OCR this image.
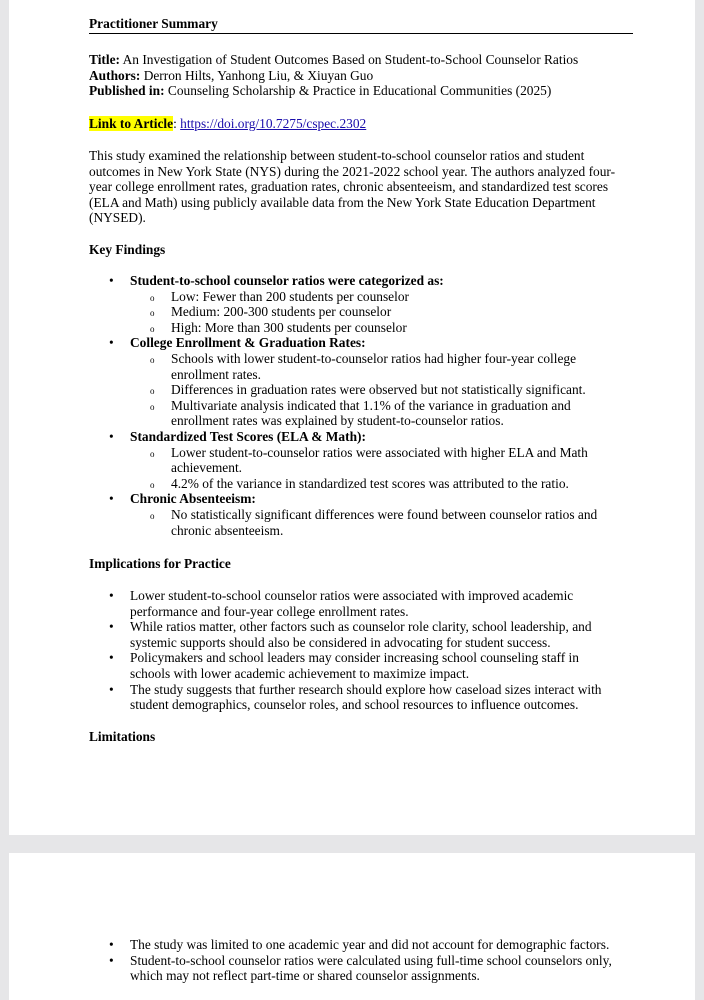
Practitioner Summary
Title: An Investigation of Student Outcomes Based on Student-to-School Counselor Ratios
Authors: Derron Hilts, Yanhong Liu, & Xiuyan Guo
Published in: Counseling Scholarship & Practice in Educational Communities (2025)
Link to Article: https://doi.org/10.7275/cspec.2302
This study examined the relationship between student-to-school counselor ratios and student outcomes in New York State (NYS) during the 2021-2022 school year. The authors analyzed four-year college enrollment rates, graduation rates, chronic absenteeism, and standardized test scores (ELA and Math) using publicly available data from the New York State Education Department (NYSED).
Key Findings
• Student-to-school counselor ratios were categorized as:
o Low: Fewer than 200 students per counselor
o Medium: 200-300 students per counselor
o High: More than 300 students per counselor
• College Enrollment & Graduation Rates:
o Schools with lower student-to-counselor ratios had higher four-year college enrollment rates.
o Differences in graduation rates were observed but not statistically significant.
o Multivariate analysis indicated that 1.1% of the variance in graduation and enrollment rates was explained by student-to-counselor ratios.
• Standardized Test Scores (ELA & Math):
o Lower student-to-counselor ratios were associated with higher ELA and Math achievement.
o 4.2% of the variance in standardized test scores was attributed to the ratio.
• Chronic Absenteeism:
o No statistically significant differences were found between counselor ratios and chronic absenteeism.
Implications for Practice
• Lower student-to-school counselor ratios were associated with improved academic performance and four-year college enrollment rates.
• While ratios matter, other factors such as counselor role clarity, school leadership, and systemic supports should also be considered in advocating for student success.
• Policymakers and school leaders may consider increasing school counseling staff in schools with lower academic achievement to maximize impact.
• The study suggests that further research should explore how caseload sizes interact with student demographics, counselor roles, and school resources to influence outcomes.
Limitations
• The study was limited to one academic year and did not account for demographic factors.
• Student-to-school counselor ratios were calculated using full-time school counselors only, which may not reflect part-time or shared counselor assignments.
